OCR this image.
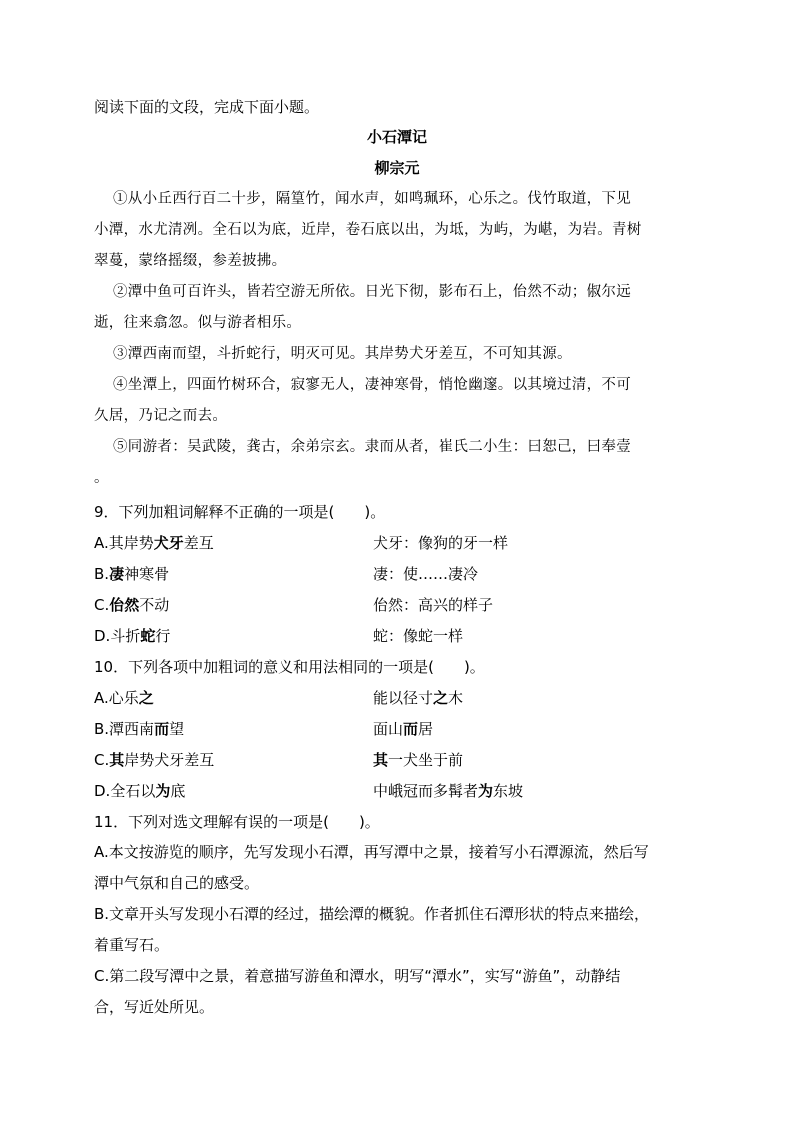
阅读下面的文段，完成下面小题。
小石潭记
柳宗元

①从小丘西行百二十步，隔篁竹，闻水声，如鸣珮环，心乐之。伐竹取道，下见

小潭，水尤清冽。全石以为底，近岸，卷石底以出，为坻，为屿，为嵁，为岩。青树

翠蔓，蒙络摇缀，参差披拂。

②潭中鱼可百许头，皆若空游无所依。日光下彻，影布石上，佁然不动；俶尔远

逝，往来翕忽。似与游者相乐。

③潭西南而望，斗折蛇行，明灭可见。其岸势犬牙差互，不可知其源。

④坐潭上，四面竹树环合，寂寥无人，凄神寒骨，悄怆幽邃。以其境过清，不可

久居，乃记之而去。

⑤同游者：吴武陵，龚古，余弟宗玄。隶而从者，崔氏二小生：曰恕己，曰奉壹

。

9．下列加粗词解释不正确的一项是(　　)。
A.其岸势犬牙差互	犬牙：像狗的牙一样
B.凄神寒骨	凄：使……凄冷
C.佁然不动	佁然：高兴的样子
D.斗折蛇行	蛇：像蛇一样
10．下列各项中加粗词的意义和用法相同的一项是(　　)。
A.心乐之	能以径寸之木
B.潭西南而望	面山而居
C.其岸势犬牙差互	其一犬坐于前
D.全石以为底	中峨冠而多髯者为东坡
11．下列对选文理解有误的一项是(　　)。

A.本文按游览的顺序，先写发现小石潭，再写潭中之景，接着写小石潭源流，然后写

潭中气氛和自己的感受。

B.文章开头写发现小石潭的经过，描绘潭的概貌。作者抓住石潭形状的特点来描绘，

着重写石。

C.第二段写潭中之景，着意描写游鱼和潭水，明写“潭水”，实写“游鱼”，动静结

合，写近处所见。
